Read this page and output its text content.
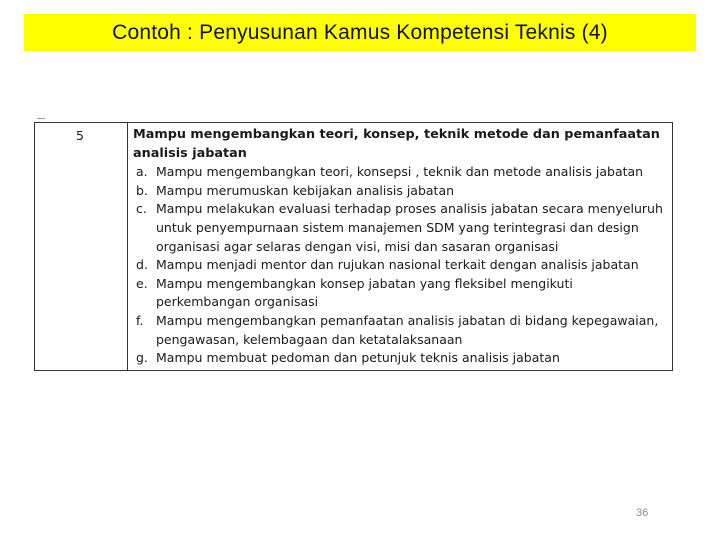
Contoh : Penyusunan Kamus Kompetensi Teknis (4)
5	Mampu mengembangkan teori, konsep, teknik metode dan pemanfaatan analisis jabatan
a. Mampu mengembangkan teori, konsepsi , teknik dan metode analisis jabatan
b. Mampu merumuskan kebijakan analisis jabatan
c. Mampu melakukan evaluasi terhadap proses analisis jabatan secara menyeluruh untuk penyempurnaan sistem manajemen SDM yang terintegrasi dan design organisasi agar selaras dengan visi, misi dan sasaran organisasi
d. Mampu menjadi mentor dan rujukan nasional terkait dengan analisis jabatan
e. Mampu mengembangkan konsep jabatan yang fleksibel mengikuti perkembangan organisasi
f.	Mampu mengembangkan pemanfaatan analisis jabatan di bidang kepegawaian, pengawasan, kelembagaan dan ketatalaksanaan
g. Mampu membuat pedoman dan petunjuk teknis analisis jabatan
36
